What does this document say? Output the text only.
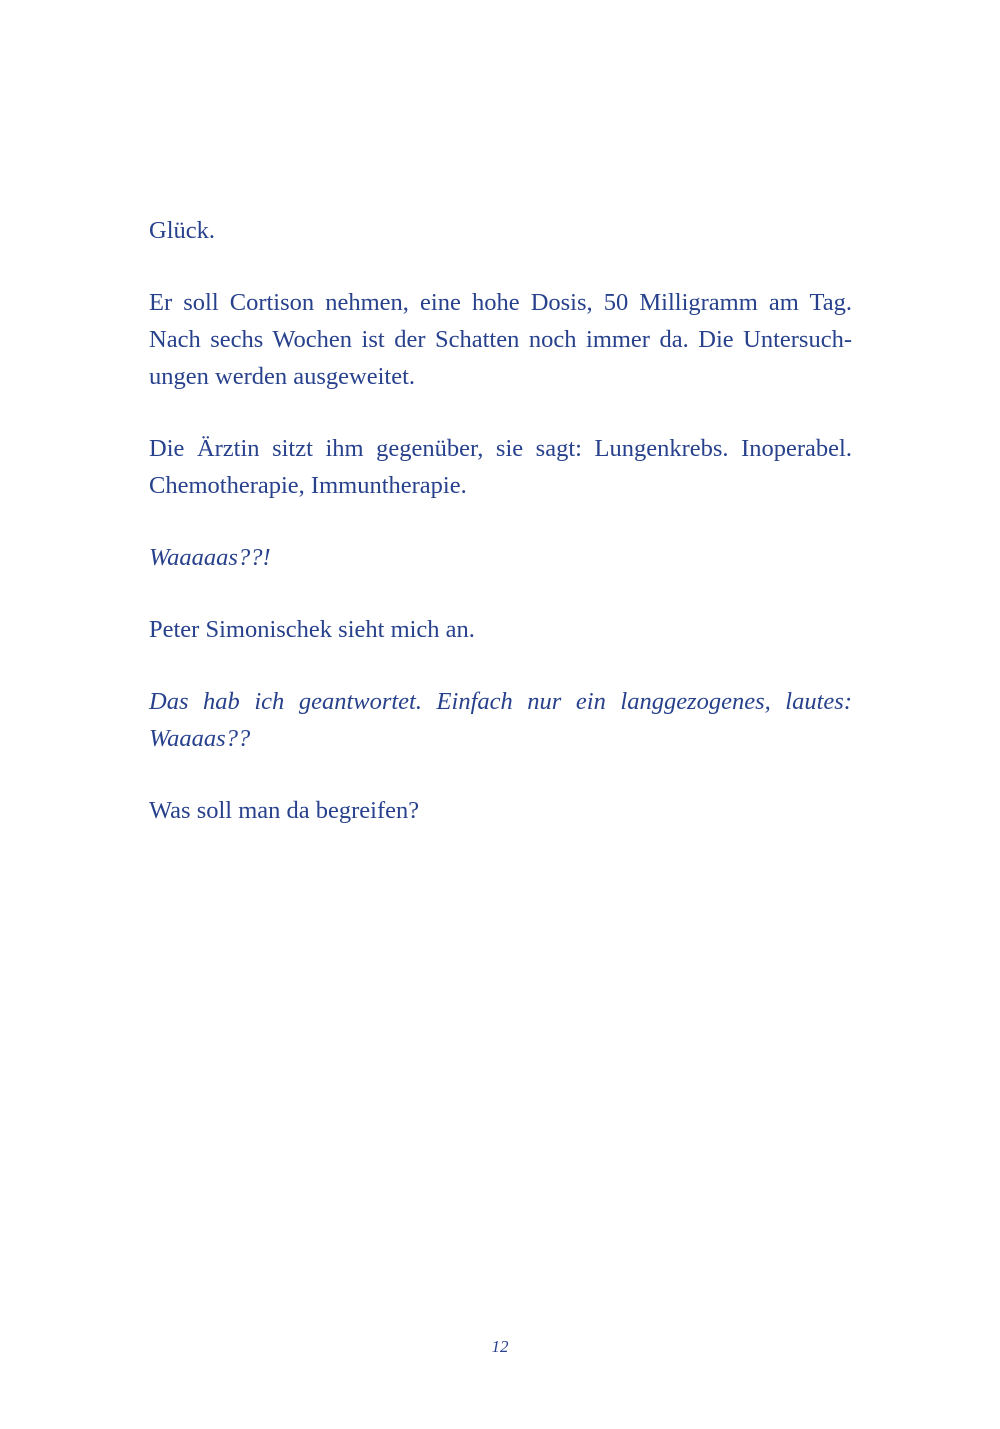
Glück.

Er soll Cortison nehmen, eine hohe Dosis, 50 Milligramm am Tag.
Nach sechs Wochen ist der Schatten noch immer da. Die Untersuch-
ungen werden ausgeweitet.

Die Ärztin sitzt ihm gegenüber, sie sagt: Lungenkrebs. Inoperabel.
Chemotherapie, Immuntherapie.

Waaaaas??!

Peter Simonischek sieht mich an.

Das hab ich geantwortet. Einfach nur ein langgezogenes, lautes: Waaaas??

Was soll man da begreifen?

12
